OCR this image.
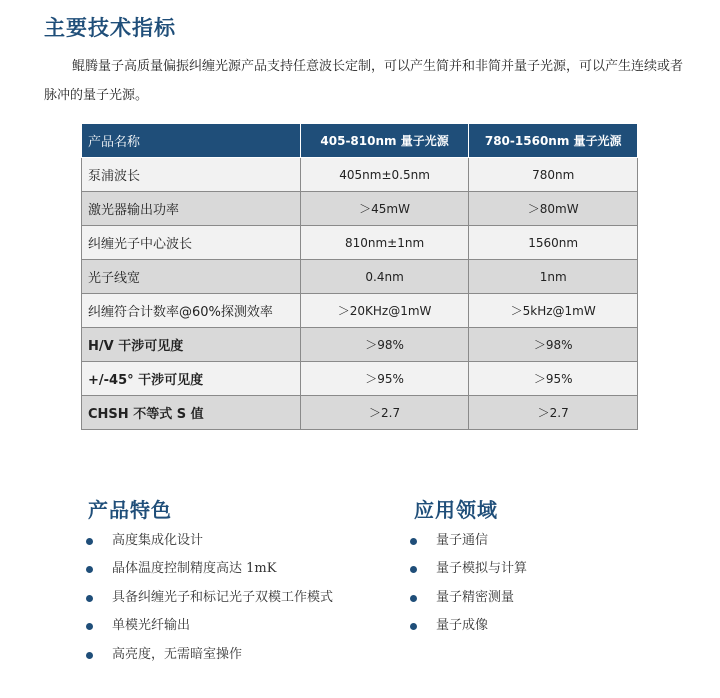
主要技术指标
鲲腾量子高质量偏振纠缠光源产品支持任意波长定制，可以产生简并和非简并量子光源，可以产生连续或者脉冲的量子光源。
产品名称	405-810nm 量子光源	780-1560nm 量子光源
泵浦波长	405nm±0.5nm	780nm
激光器输出功率	＞45mW	＞80mW
纠缠光子中心波长	810nm±1nm	1560nm
光子线宽	0.4nm	1nm
纠缠符合计数率@60%探测效率	＞20KHz@1mW	＞5kHz@1mW
H/V 干涉可见度	＞98%	＞98%
+/-45° 干涉可见度	＞95%	＞95%
CHSH 不等式 S 值	＞2.7	＞2.7
产品特色
高度集成化设计
晶体温度控制精度高达 1mK
具备纠缠光子和标记光子双模工作模式
单模光纤输出
高亮度，无需暗室操作
应用领域
量子通信
量子模拟与计算
量子精密测量
量子成像
